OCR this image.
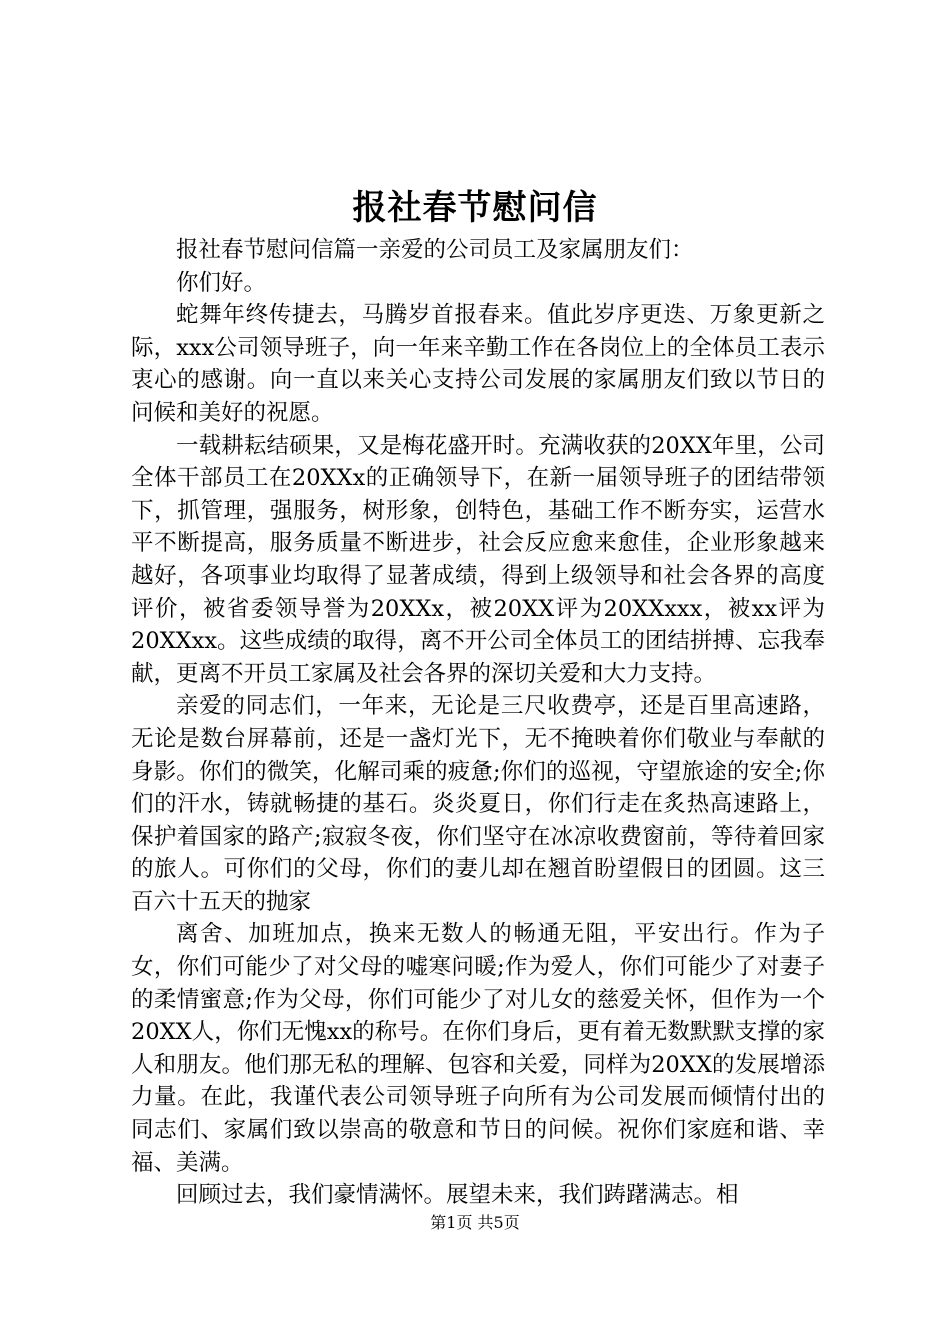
报社春节慰问信

报社春节慰问信篇一亲爱的公司员工及家属朋友们：

你们好。

蛇舞年终传捷去，马腾岁首报春来。值此岁序更迭、万象更新之际，xxx公司领导班子，向一年来辛勤工作在各岗位上的全体员工表示衷心的感谢。向一直以来关心支持公司发展的家属朋友们致以节日的问候和美好的祝愿。

一载耕耘结硕果，又是梅花盛开时。充满收获的20XX年里，公司全体干部员工在20XXx的正确领导下，在新一届领导班子的团结带领下，抓管理，强服务，树形象，创特色，基础工作不断夯实，运营水平不断提高，服务质量不断进步，社会反应愈来愈佳，企业形象越来越好，各项事业均取得了显著成绩，得到上级领导和社会各界的高度评价，被省委领导誉为20XXx，被20XX评为20XXxxx，被xx评为20XXxx。这些成绩的取得，离不开公司全体员工的团结拼搏、忘我奉献，更离不开员工家属及社会各界的深切关爱和大力支持。

亲爱的同志们，一年来，无论是三尺收费亭，还是百里高速路，无论是数台屏幕前，还是一盏灯光下，无不掩映着你们敬业与奉献的身影。你们的微笑，化解司乘的疲惫;你们的巡视，守望旅途的安全;你们的汗水，铸就畅捷的基石。炎炎夏日，你们行走在炙热高速路上，保护着国家的路产;寂寂冬夜，你们坚守在冰凉收费窗前，等待着回家的旅人。可你们的父母，你们的妻儿却在翘首盼望假日的团圆。这三百六十五天的抛家

离舍、加班加点，换来无数人的畅通无阻，平安出行。作为子女，你们可能少了对父母的嘘寒问暖;作为爱人，你们可能少了对妻子的柔情蜜意;作为父母，你们可能少了对儿女的慈爱关怀，但作为一个20XX人，你们无愧xx的称号。在你们身后，更有着无数默默支撑的家人和朋友。他们那无私的理解、包容和关爱，同样为20XX的发展增添力量。在此，我谨代表公司领导班子向所有为公司发展而倾情付出的同志们、家属们致以崇高的敬意和节日的问候。祝你们家庭和谐、幸福、美满。

回顾过去，我们豪情满怀。展望未来，我们踌躇满志。相

第1页 共5页
